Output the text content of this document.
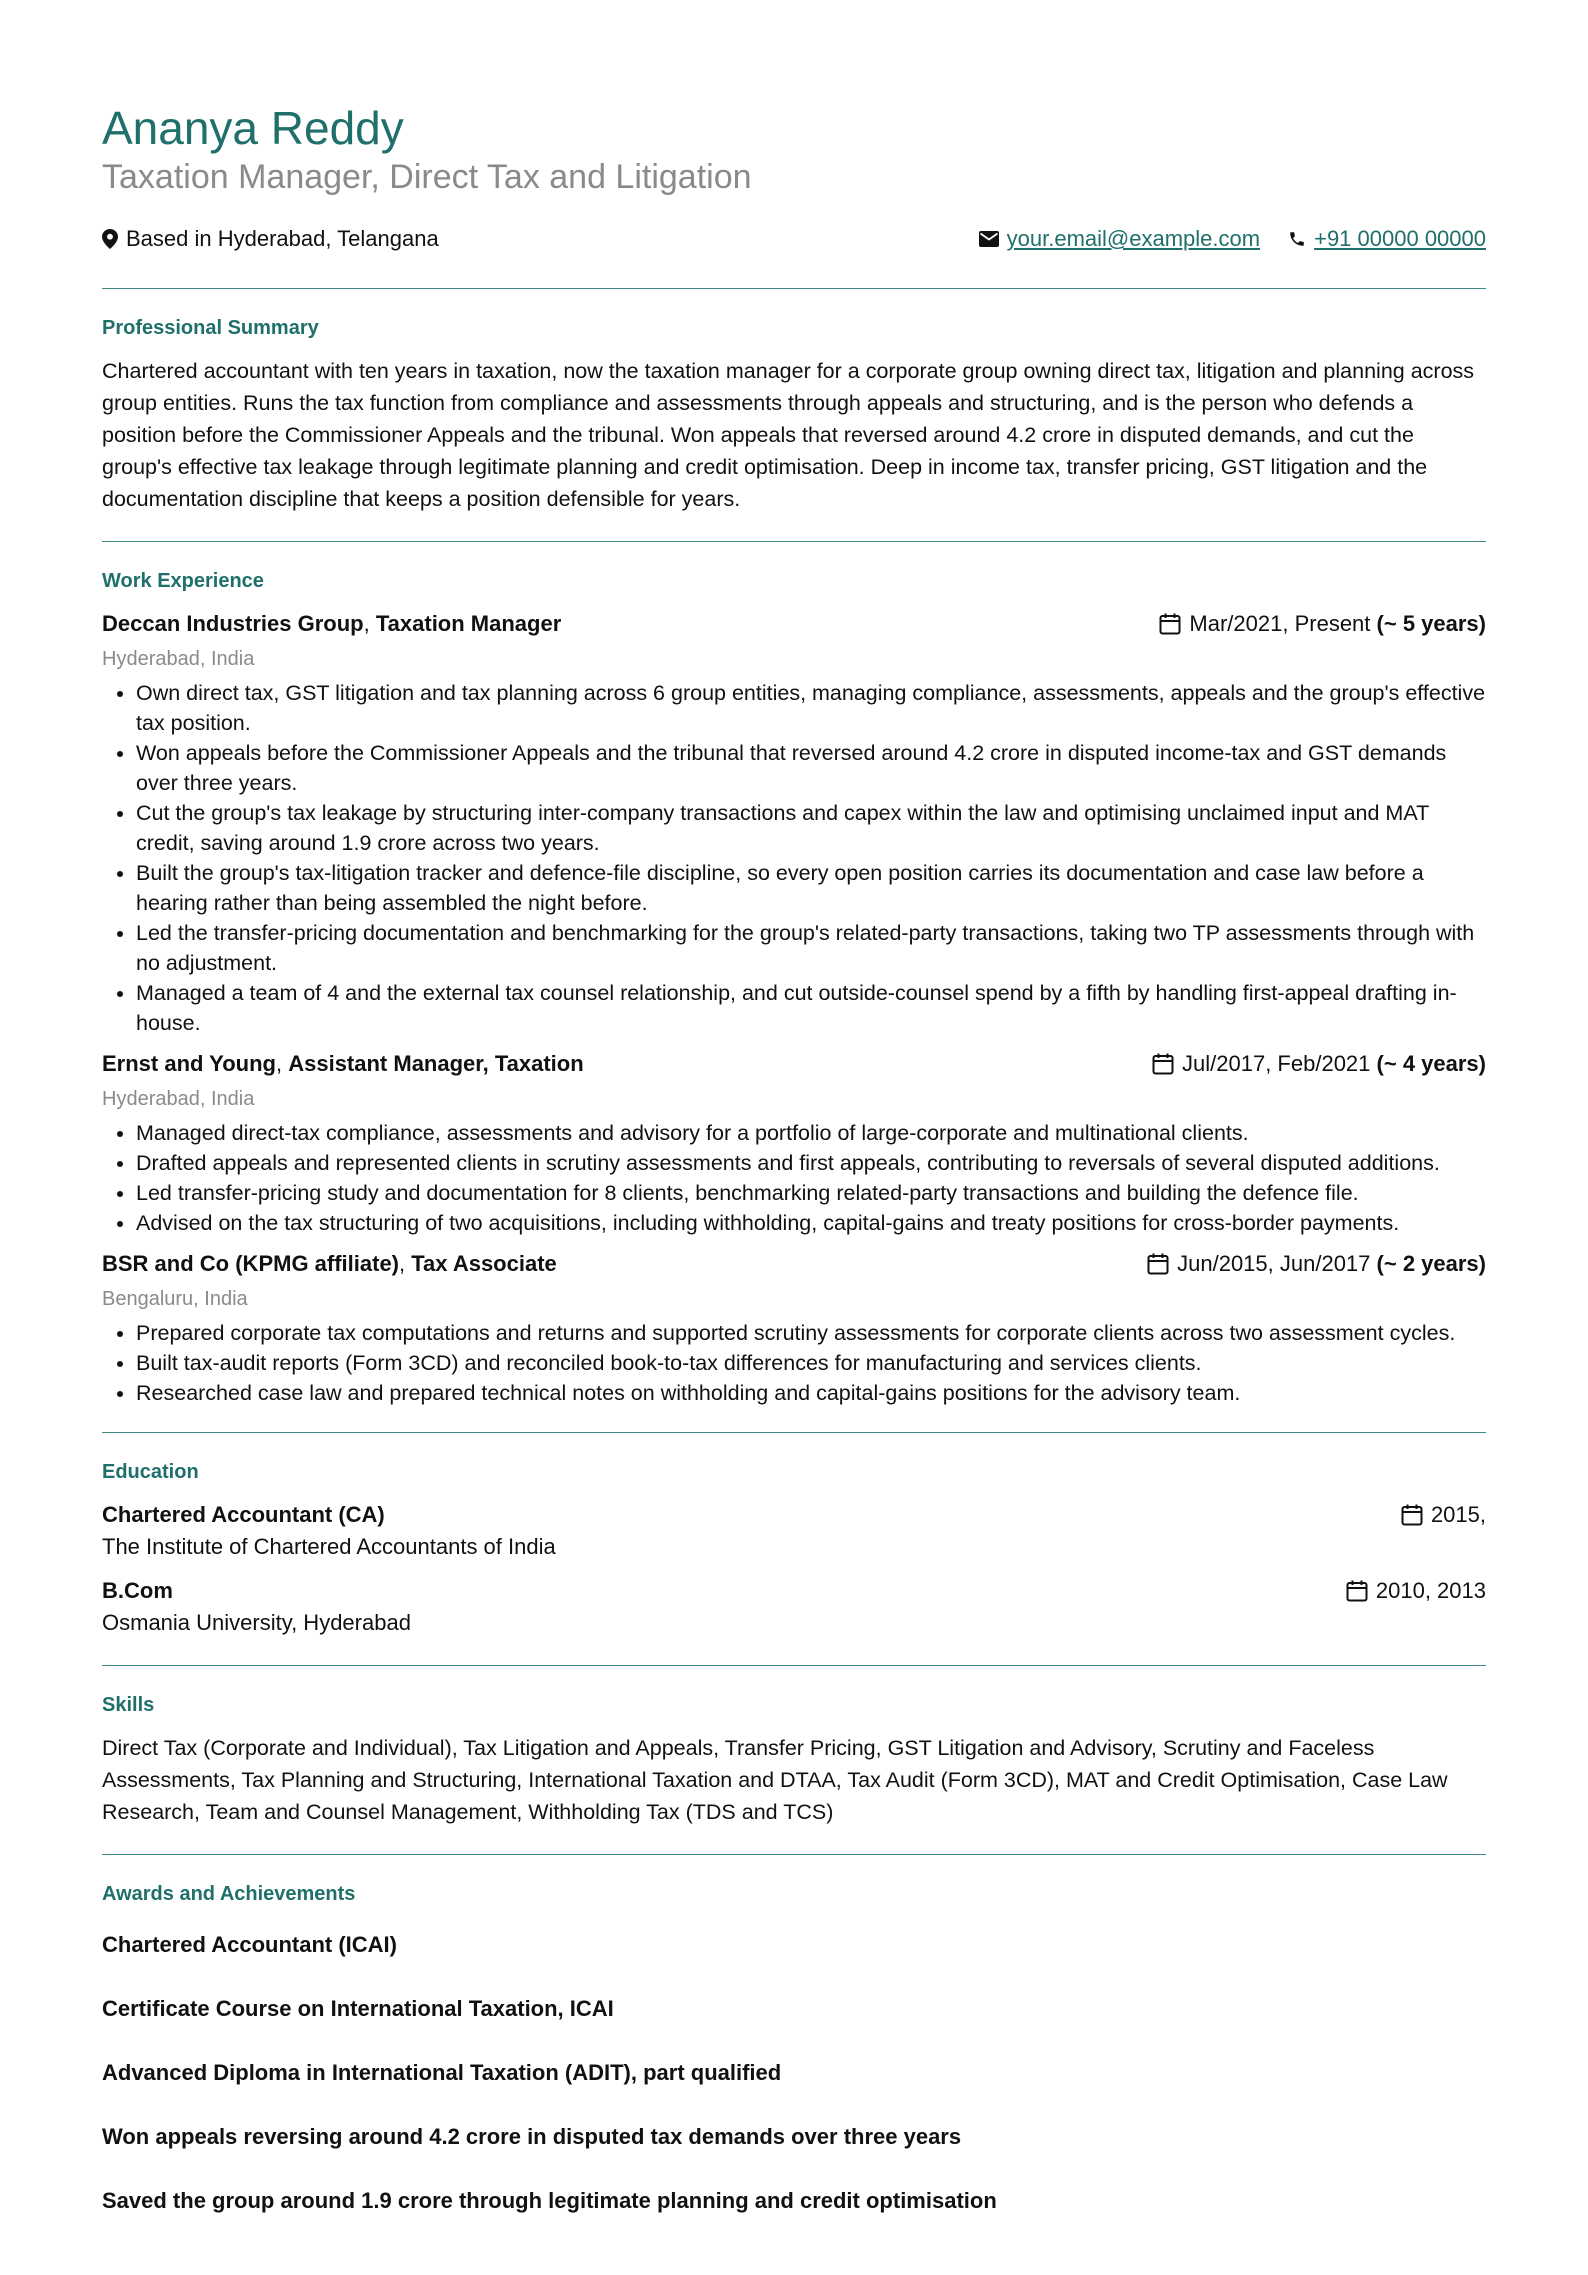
Ananya Reddy
Taxation Manager, Direct Tax and Litigation
Based in Hyderabad, Telangana	your.email@example.com +91 00000 00000
Professional Summary

Chartered accountant with ten years in taxation, now the taxation manager for a corporate group owning direct tax, litigation and planning across group entities. Runs the tax function from compliance and assessments through appeals and structuring, and is the person who defends a position before the Commissioner Appeals and the tribunal. Won appeals that reversed around 4.2 crore in disputed demands, and cut the group's effective tax leakage through legitimate planning and credit optimisation. Deep in income tax, transfer pricing, GST litigation and the documentation discipline that keeps a position defensible for years.

Work Experience
Deccan Industries Group, Taxation Manager	Mar/2021, Present
(~ 5 years)
Hyderabad, India
• Own direct tax, GST litigation and tax planning across 6 group entities, managing compliance, assessments, appeals and the group's effective tax position.
• Won appeals before the Commissioner Appeals and the tribunal that reversed around 4.2 crore in disputed income-tax and GST demands over three years.
• Cut the group's tax leakage by structuring inter-company transactions and capex within the law and optimising unclaimed input and MAT credit, saving around 1.9 crore across two years.
• Built the group's tax-litigation tracker and defence-file discipline, so every open position carries its documentation and case law before a hearing rather than being assembled the night before.
• Led the transfer-pricing documentation and benchmarking for the group's related-party transactions, taking two TP assessments through with no adjustment.
• Managed a team of 4 and the external tax counsel relationship, and cut outside-counsel spend by a fifth by handling first-appeal drafting in-house.
Ernst and Young, Assistant Manager, Taxation	Jul/2017, Feb/2021
(~ 4 years)
Hyderabad, India
• Managed direct-tax compliance, assessments and advisory for a portfolio of large-corporate and multinational clients.
• Drafted appeals and represented clients in scrutiny assessments and first appeals, contributing to reversals of several disputed additions.
• Led transfer-pricing study and documentation for 8 clients, benchmarking related-party transactions and building the defence file.
• Advised on the tax structuring of two acquisitions, including withholding, capital-gains and treaty positions for cross-border payments.
BSR and Co (KPMG affiliate), Tax Associate	Jun/2015, Jun/2017
(~ 2 years)
Bengaluru, India
• Prepared corporate tax computations and returns and supported scrutiny assessments for corporate clients across two assessment cycles.
• Built tax-audit reports (Form 3CD) and reconciled book-to-tax differences for manufacturing and services clients.
• Researched case law and prepared technical notes on withholding and capital-gains positions for the advisory team.
Education
Chartered Accountant (CA)	2015,
The Institute of Chartered Accountants of India
B.Com	2010, 2013
Osmania University, Hyderabad
Skills

Direct Tax (Corporate and Individual), Tax Litigation and Appeals, Transfer Pricing, GST Litigation and Advisory, Scrutiny and Faceless Assessments, Tax Planning and Structuring, International Taxation and DTAA, Tax Audit (Form 3CD), MAT and Credit Optimisation, Case Law Research, Team and Counsel Management, Withholding Tax (TDS and TCS)

Awards and Achievements

Chartered Accountant (ICAI)

Certificate Course on International Taxation, ICAI

Advanced Diploma in International Taxation (ADIT), part qualified

Won appeals reversing around 4.2 crore in disputed tax demands over three years

Saved the group around 1.9 crore through legitimate planning and credit optimisation
